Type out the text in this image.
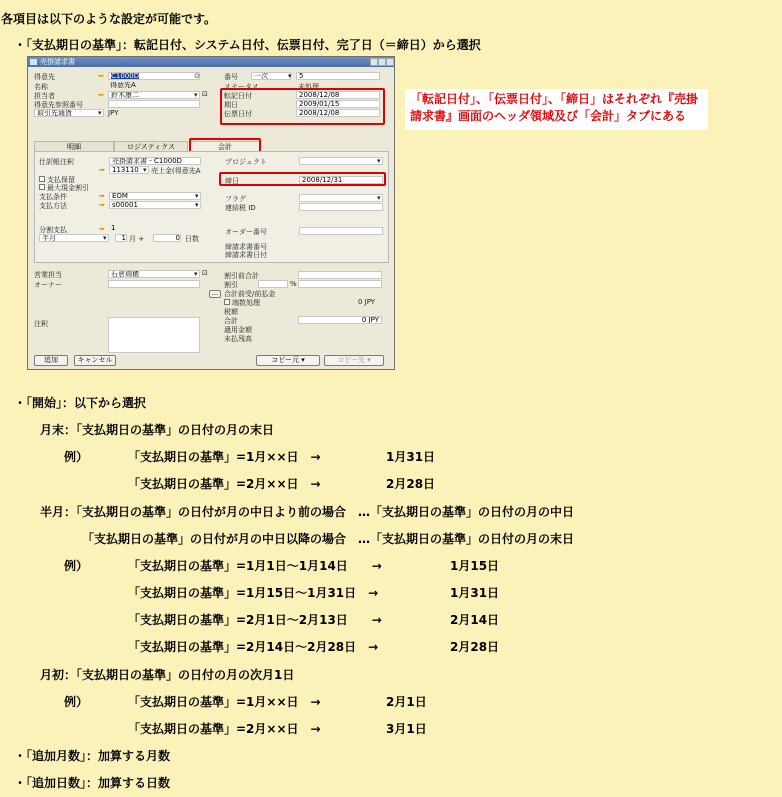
各項目は以下のような設定が可能です。
・「支払期日の基準」：転記日付、システム日付、伝票日付、完了日（＝締日）から選択
売掛請求書
得意先	➡	C1000D	⊙
名称	得意先A
担当者	➡	鈴木康二	▾ ⊡
得意先参照番号
取引先通貨	▾ JPY
番号	一次	▾	5
ステータス	未処理
転記日付	2008/12/08
期日	2009/01/15
伝票日付	2008/12/08
明細	ロジスティクス	会計
仕訳帳注釈	売掛請求書 - C1000D
➡	113110 ▾ 売上金(得意先A
支払保留
最大現金割引
支払条件	➡	EOM	▾
支払方法	➡	s00001	▾
分割支払	➡ 1
半月	▾	1 月 +	0 日数
プロジェクト	▾
締日	2008/12/31
フラグ	▾
連結税 ID
オーダー番号
締請求書番号
締請求書日付
営業担当	石倉瑞穂	▾ ⊡
オーナー
注釈
割引前合計
割引	%
... 合計前受/前払金
端数処理	0 JPY
税額
合計	0 JPY
適用金額
未払残高
追加	キャンセル	コピー元 ▾	コピー先 ▾
「転記日付」、「伝票日付」、「締日」はそれぞれ『売掛請求書』画面のヘッダ領域及び「会計」タブにある
・「開始」：以下から選択
月末：「支払期日の基準」の日付の月の末日
例）	「支払期日の基準」=1月××日　→	1月31日
「支払期日の基準」=2月××日　→	2月28日
半月：「支払期日の基準」の日付が月の中日より前の場合　…「支払期日の基準」の日付の月の中日
「支払期日の基準」の日付が月の中日以降の場合　…「支払期日の基準」の日付の月の末日
例）	「支払期日の基準」=1月1日～1月14日　　→	1月15日
「支払期日の基準」=1月15日～1月31日　→	1月31日
「支払期日の基準」=2月1日～2月13日　　→	2月14日
「支払期日の基準」=2月14日～2月28日　→	2月28日
月初：「支払期日の基準」の日付の月の次月1日
例）	「支払期日の基準」=1月××日　→	2月1日
「支払期日の基準」=2月××日　→	3月1日
・「追加月数」：加算する月数
・「追加日数」：加算する日数
